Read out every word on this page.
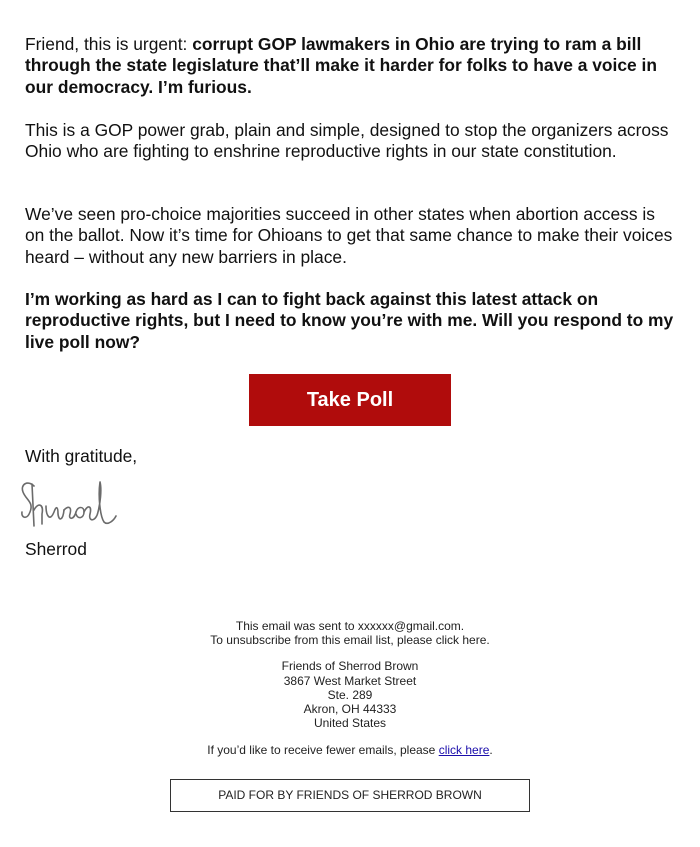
Friend, this is urgent: corrupt GOP lawmakers in Ohio are trying to ram a bill through the state legislature that’ll make it harder for folks to have a voice in our democracy. I’m furious.

This is a GOP power grab, plain and simple, designed to stop the organizers across Ohio who are fighting to enshrine reproductive rights in our state constitution.

We’ve seen pro-choice majorities succeed in other states when abortion access is on the ballot. Now it’s time for Ohioans to get that same chance to make their voices heard – without any new barriers in place.

I’m working as hard as I can to fight back against this latest attack on reproductive rights, but I need to know you’re with me. Will you respond to my live poll now?

Take Poll

With gratitude,

Sherrod

This email was sent to xxxxxx@gmail.com.

To unsubscribe from this email list, please click here.

Friends of Sherrod Brown

3867 West Market Street

Ste. 289

Akron, OH 44333

United States

If you’d like to receive fewer emails, please click here.

PAID FOR BY FRIENDS OF SHERROD BROWN
